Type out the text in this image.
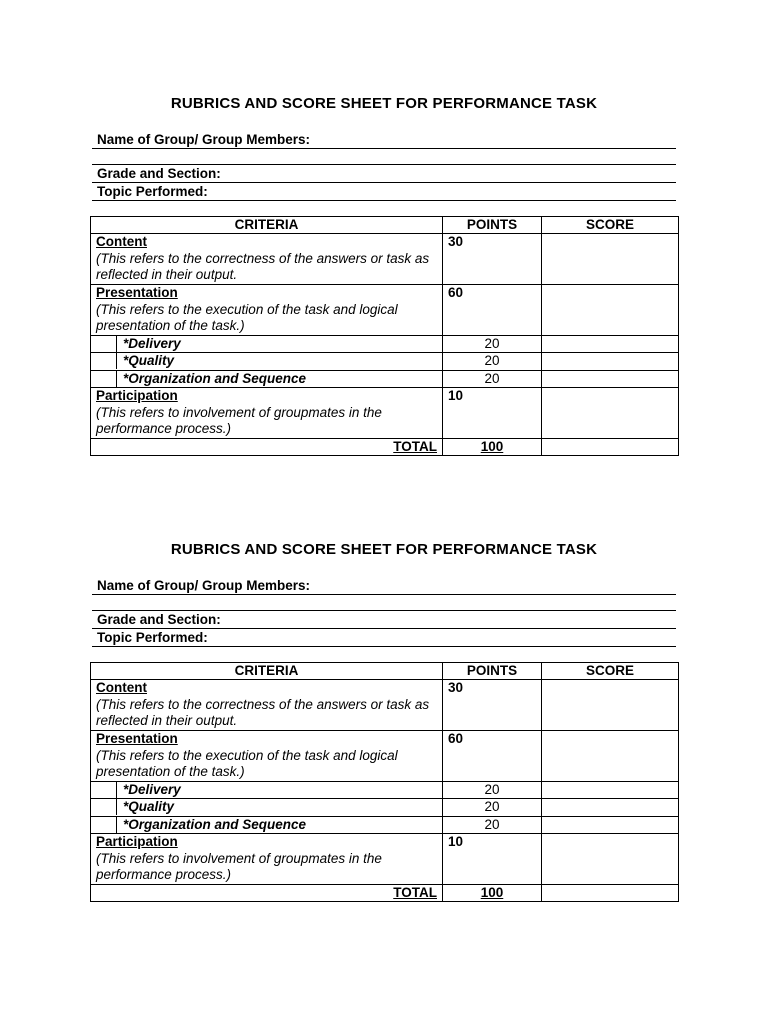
RUBRICS AND SCORE SHEET FOR PERFORMANCE TASK
Name of Group/ Group Members:
Grade and Section:
Topic Performed:
CRITERIA	POINTS	SCORE

Content
(This refers to the correctness of the answers or task as reflected in their output.	30	

Presentation
(This refers to the execution of the task and logical presentation of the task.)	60	

*Delivery	20	

*Quality	20	

*Organization and Sequence	20	

Participation
(This refers to involvement of groupmates in the performance process.)	10	
TOTAL	100	
RUBRICS AND SCORE SHEET FOR PERFORMANCE TASK
Name of Group/ Group Members:
Grade and Section:
Topic Performed:
CRITERIA	POINTS	SCORE

Content
(This refers to the correctness of the answers or task as reflected in their output.	30	

Presentation
(This refers to the execution of the task and logical presentation of the task.)	60	

*Delivery	20	

*Quality	20	

*Organization and Sequence	20	

Participation
(This refers to involvement of groupmates in the performance process.)	10	
TOTAL	100	
